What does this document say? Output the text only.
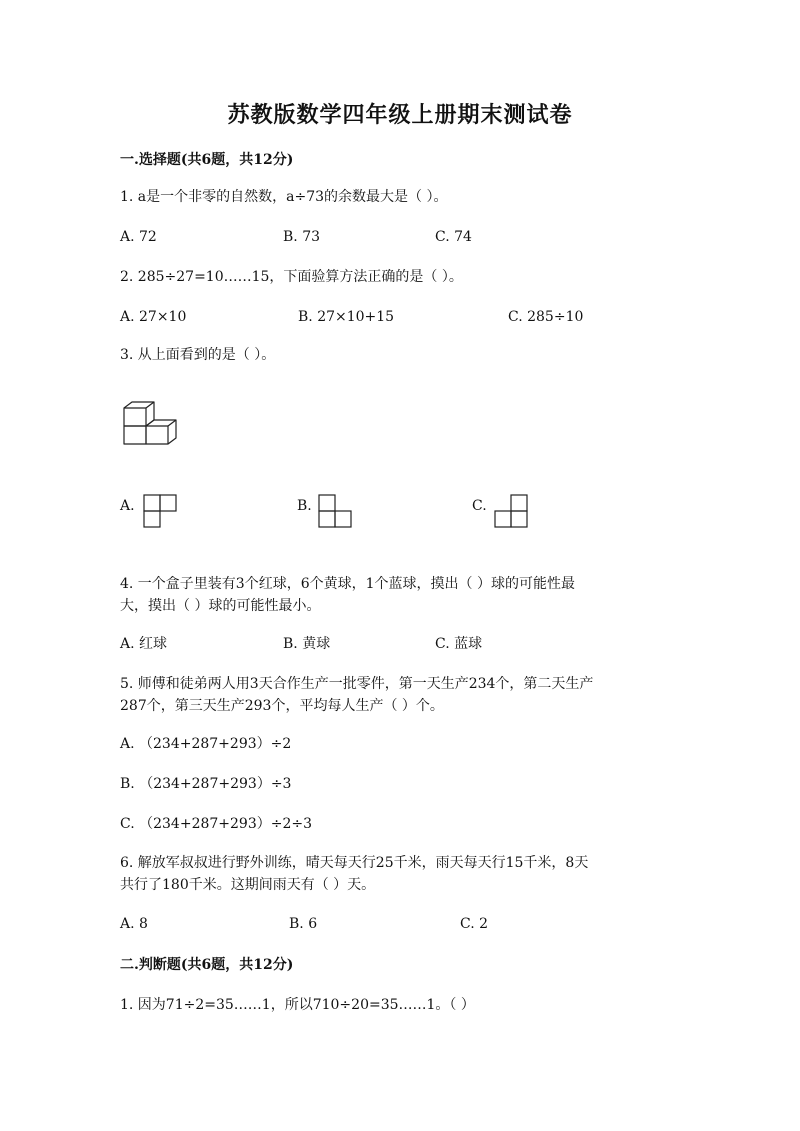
苏教版数学四年级上册期末测试卷
一.选择题(共6题，共12分)
1. a是一个非零的自然数，a÷73的余数最大是（ ）。
A. 72	B. 73	C. 74
2. 285÷27=10……15，下面验算方法正确的是（ ）。
A. 27×10	B. 27×10+15	C. 285÷10
3. 从上面看到的是（ ）。
A.	B.	C.
4. 一个盒子里装有3个红球，6个黄球，1个蓝球，摸出（ ）球的可能性最
大，摸出（ ）球的可能性最小。
A. 红球	B. 黄球	C. 蓝球
5. 师傅和徒弟两人用3天合作生产一批零件，第一天生产234个，第二天生产
287个，第三天生产293个，平均每人生产（ ）个。
A. （234+287+293）÷2
B. （234+287+293）÷3
C. （234+287+293）÷2÷3
6. 解放军叔叔进行野外训练，晴天每天行25千米，雨天每天行15千米，8天
共行了180千米。这期间雨天有（ ）天。
A. 8	B. 6	C. 2
二.判断题(共6题，共12分)
1. 因为71÷2=35……1，所以710÷20=35……1。（ ）
